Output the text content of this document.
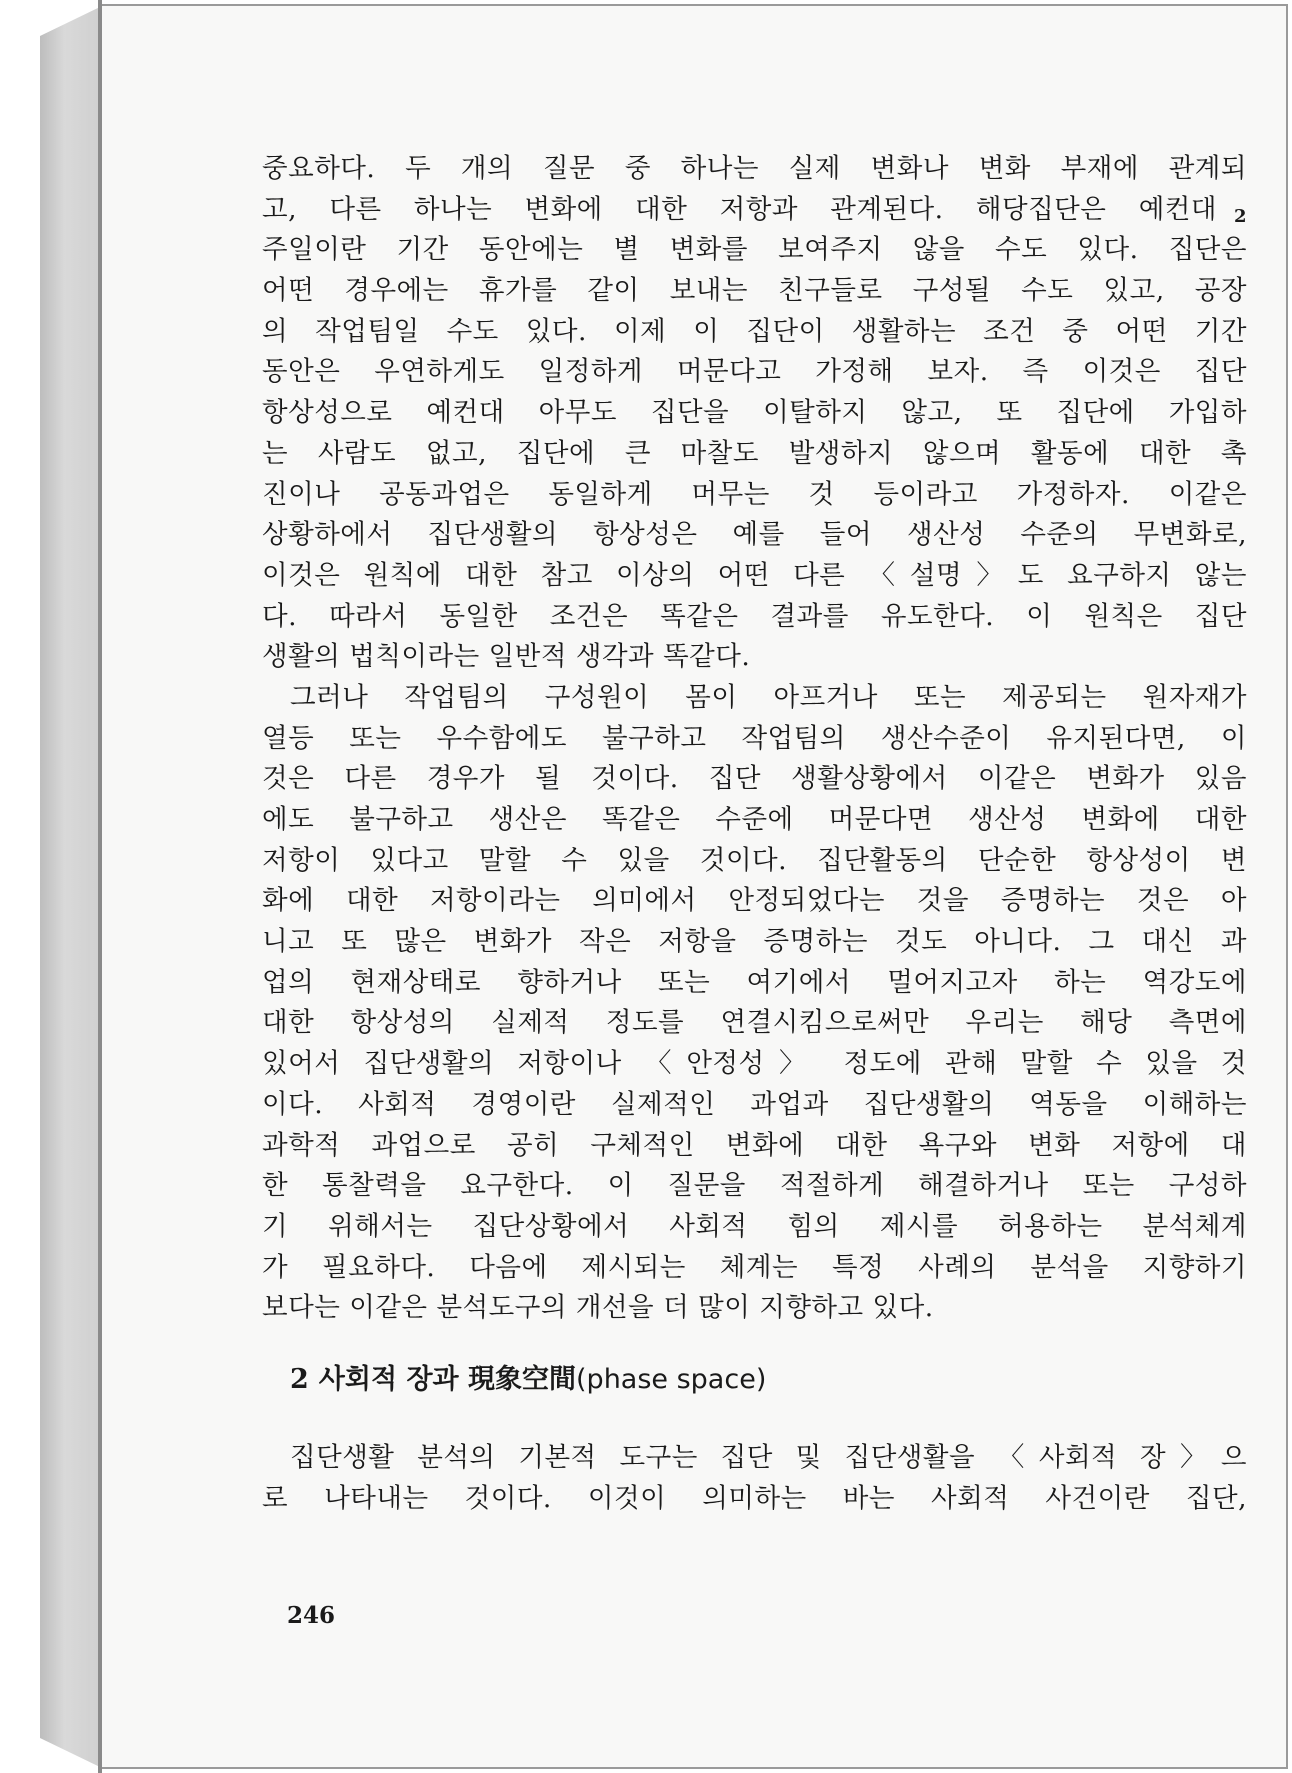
2
중요하다. 두 개의 질문 중 하나는 실제 변화나 변화 부재에 관계되
고, 다른 하나는 변화에 대한 저항과 관계된다. 해당집단은 예컨대
주일이란 기간 동안에는 별 변화를 보여주지 않을 수도 있다. 집단은
어떤 경우에는 휴가를 같이 보내는 친구들로 구성될 수도 있고, 공장
의 작업팀일 수도 있다. 이제 이 집단이 생활하는 조건 중 어떤 기간
동안은 우연하게도 일정하게 머문다고 가정해 보자. 즉 이것은 집단
항상성으로 예컨대 아무도 집단을 이탈하지 않고, 또 집단에 가입하
는 사람도 없고, 집단에 큰 마찰도 발생하지 않으며 활동에 대한 촉
진이나 공동과업은 동일하게 머무는 것 등이라고 가정하자. 이같은
상황하에서 집단생활의 항상성은 예를 들어 생산성 수준의 무변화로,
이것은 원칙에 대한 참고 이상의 어떤 다른 〈설명〉도 요구하지 않는
다. 따라서 동일한 조건은 똑같은 결과를 유도한다. 이 원칙은 집단
생활의 법칙이라는 일반적 생각과 똑같다.
그러나 작업팀의 구성원이 몸이 아프거나 또는 제공되는 원자재가
열등 또는 우수함에도 불구하고 작업팀의 생산수준이 유지된다면, 이
것은 다른 경우가 될 것이다. 집단 생활상황에서 이같은 변화가 있음
에도 불구하고 생산은 똑같은 수준에 머문다면 생산성 변화에 대한
저항이 있다고 말할 수 있을 것이다. 집단활동의 단순한 항상성이 변
화에 대한 저항이라는 의미에서 안정되었다는 것을 증명하는 것은 아
니고 또 많은 변화가 작은 저항을 증명하는 것도 아니다. 그 대신 과
업의 현재상태로 향하거나 또는 여기에서 멀어지고자 하는 역강도에
대한 항상성의 실제적 정도를 연결시킴으로써만 우리는 해당 측면에
있어서 집단생활의 저항이나 〈안정성〉 정도에 관해 말할 수 있을 것
이다. 사회적 경영이란 실제적인 과업과 집단생활의 역동을 이해하는
과학적 과업으로 공히 구체적인 변화에 대한 욕구와 변화 저항에 대
한 통찰력을 요구한다. 이 질문을 적절하게 해결하거나 또는 구성하
기 위해서는 집단상황에서 사회적 힘의 제시를 허용하는 분석체계
가 필요하다. 다음에 제시되는 체계는 특정 사례의 분석을 지향하기
보다는 이같은 분석도구의 개선을 더 많이 지향하고 있다.
2 사회적 장과 現象空間(phase space)
집단생활 분석의 기본적 도구는 집단 및 집단생활을 〈사회적 장〉으
로 나타내는 것이다. 이것이 의미하는 바는 사회적 사건이란 집단,
246
